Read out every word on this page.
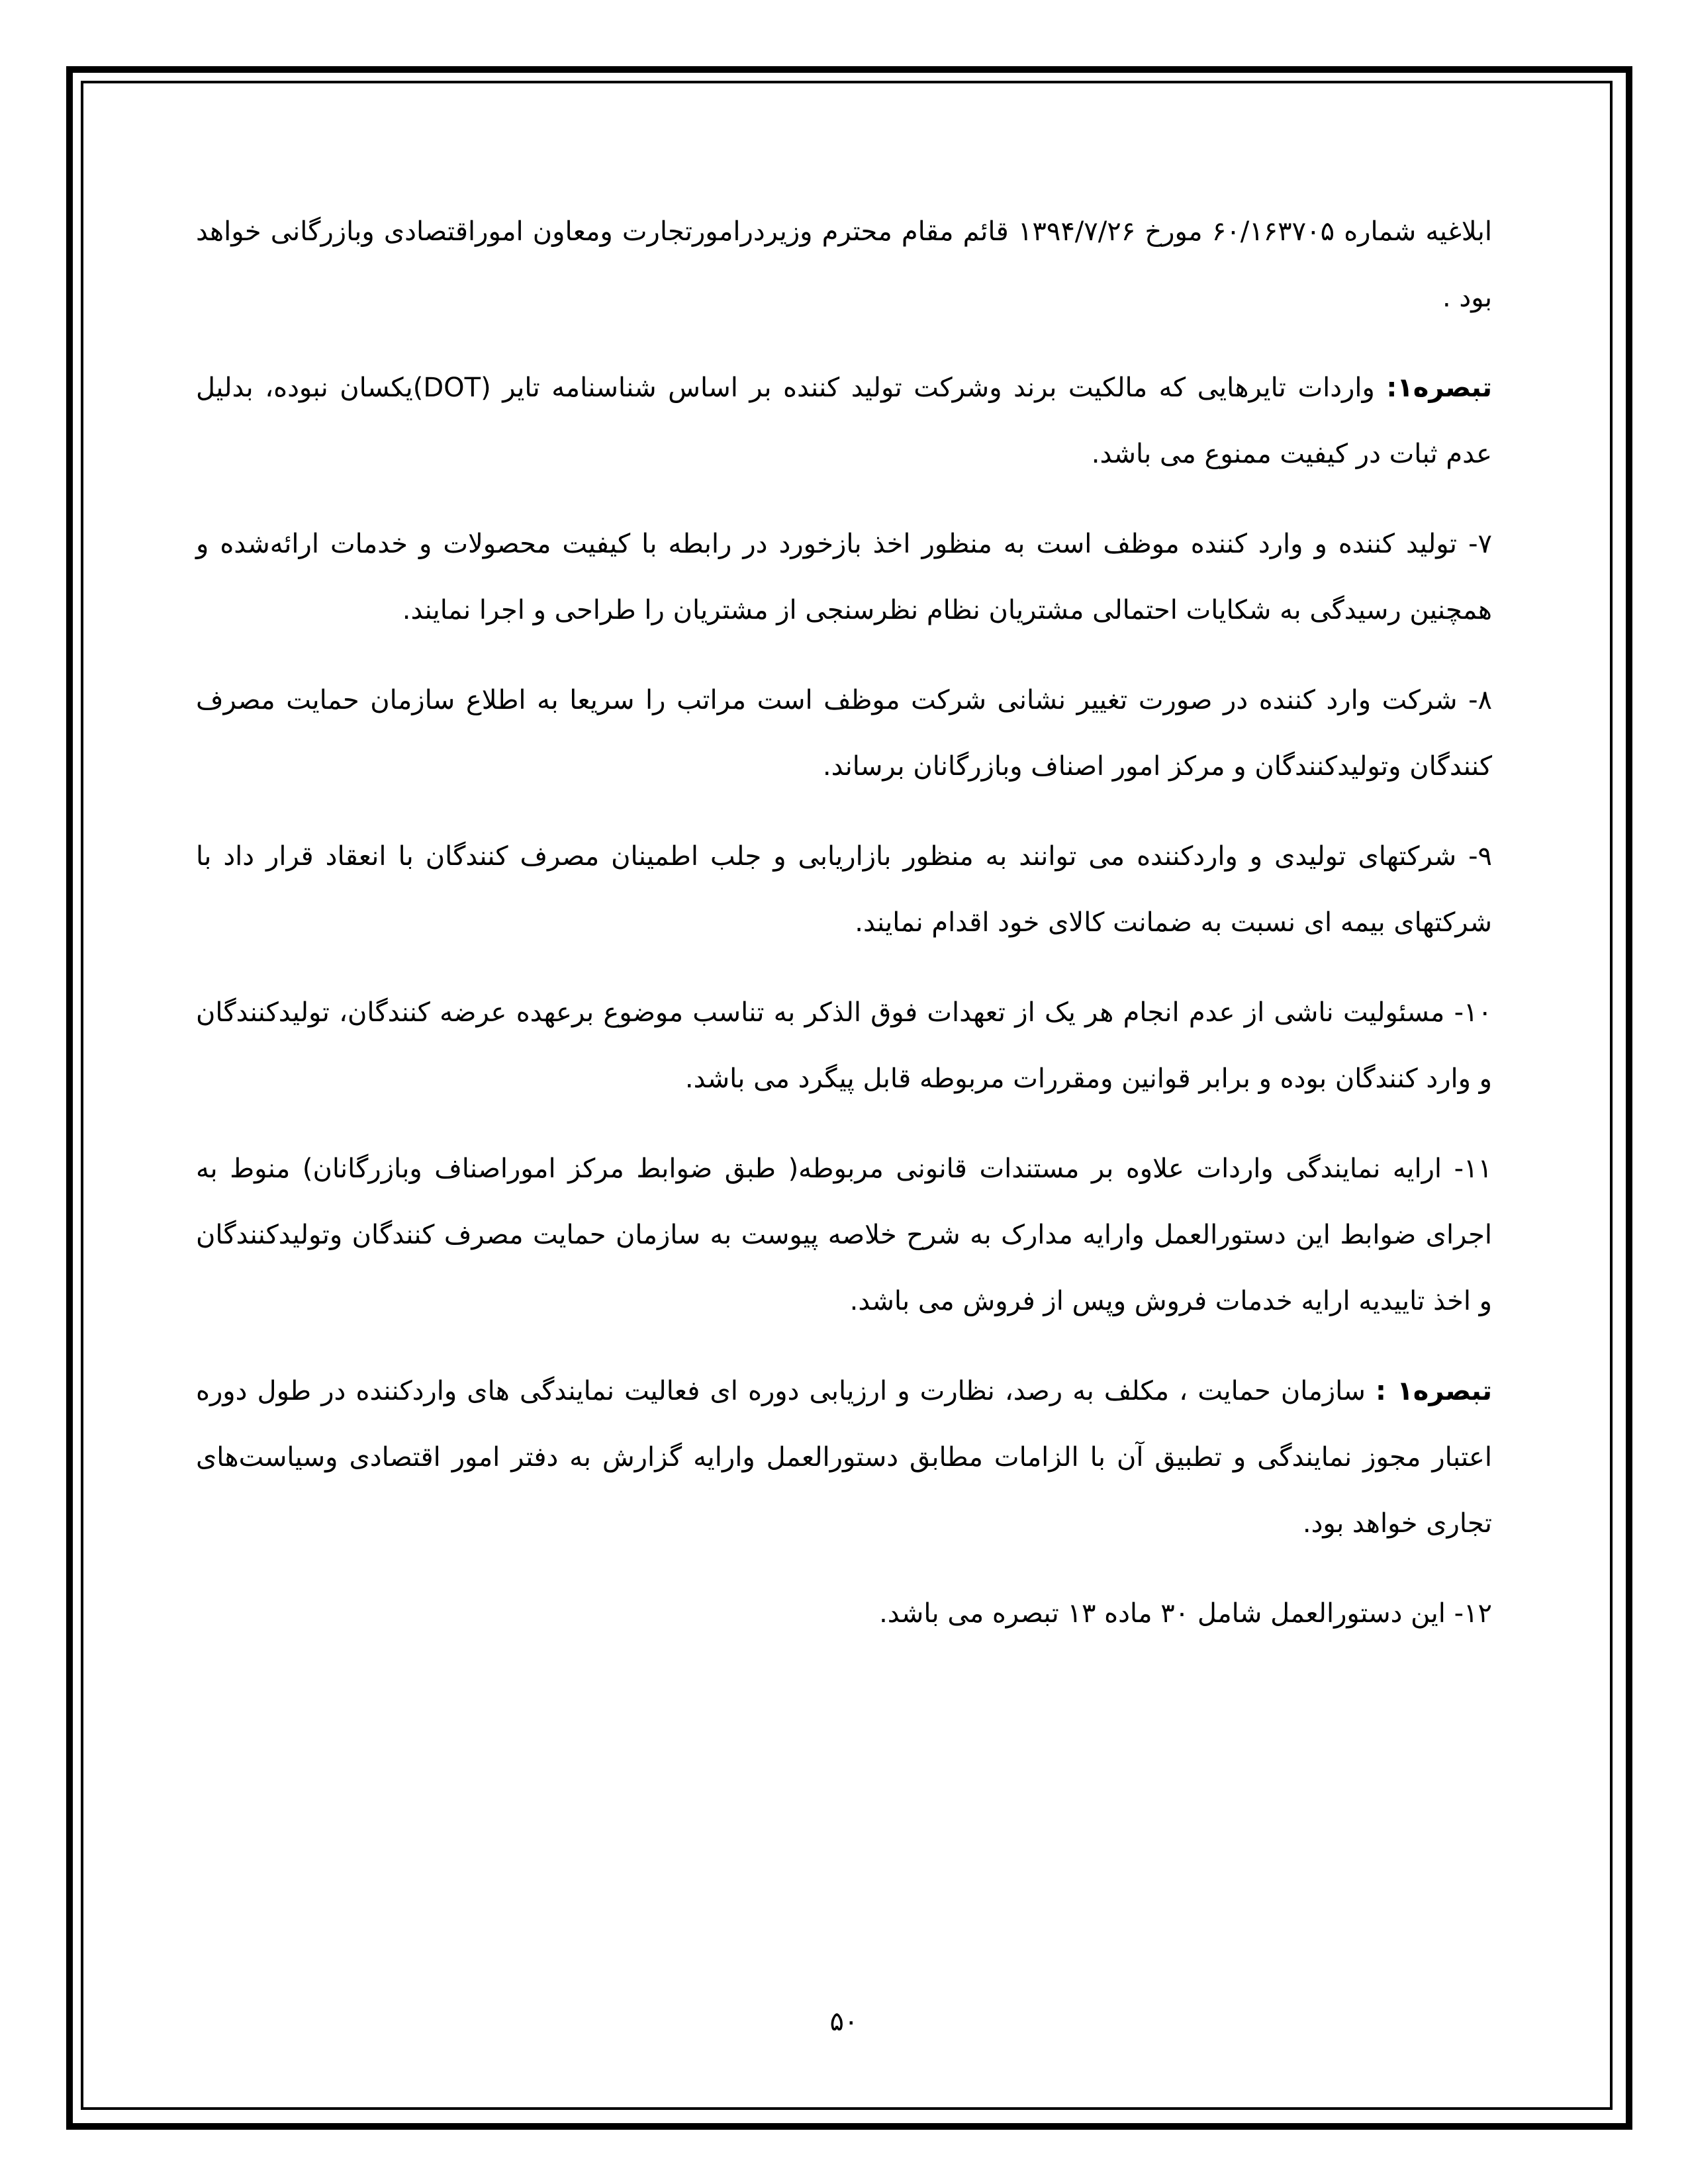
ابلاغیه شماره ۶۰/۱۶۳۷۰۵ مورخ ۱۳۹۴/۷/۲۶ قائم مقام محترم وزیردرامورتجارت ومعاون اموراقتصادی وبازرگانی خواهد بود .

تبصره۱: واردات تایرهایی که مالکیت برند وشرکت تولید کننده بر اساس شناسنامه تایر (DOT)یکسان نبوده، بدلیل عدم ثبات در کیفیت ممنوع می باشد.

۷- تولید کننده و وارد کننده موظف است به منظور اخذ بازخورد در رابطه با کیفیت محصولات و خدمات ارائه‌شده و همچنین رسیدگی به شکایات احتمالی مشتریان نظام نظرسنجی از مشتریان را طراحی و اجرا نمایند.

۸- شرکت وارد کننده در صورت تغییر نشانی شرکت موظف است مراتب را سریعا به اطلاع سازمان حمایت مصرف کنندگان وتولیدکنندگان و مرکز امور اصناف وبازرگانان برساند.

۹- شرکتهای تولیدی و واردکننده می توانند به منظور بازاریابی و جلب اطمینان مصرف کنندگان با انعقاد قرار داد با شرکتهای بیمه ای نسبت به ضمانت کالای خود اقدام نمایند.

۱۰- مسئولیت ناشی از عدم انجام هر یک از تعهدات فوق الذکر به تناسب موضوع برعهده عرضه کنندگان، تولیدکنندگان و وارد کنندگان بوده و برابر قوانین ومقررات مربوطه قابل پیگرد می باشد.

۱۱- ارایه نمایندگی واردات علاوه بر مستندات قانونی مربوطه( طبق ضوابط مرکز اموراصناف وبازرگانان) منوط به اجرای ضوابط این دستورالعمل وارایه مدارک به شرح خلاصه پیوست به سازمان حمایت مصرف کنندگان وتولیدکنندگان و اخذ تاییدیه ارایه خدمات فروش وپس از فروش می باشد.

تبصره۱ : سازمان حمایت ، مکلف به رصد، نظارت و ارزیابی دوره ای فعالیت نمایندگی های واردکننده در طول دوره اعتبار مجوز نمایندگی و تطبیق آن با الزامات مطابق دستورالعمل وارایه گزارش به دفتر امور اقتصادی وسیاست‌های تجاری خواهد بود.

۱۲- این دستورالعمل شامل ۳۰ ماده ۱۳ تبصره می باشد.

۵۰
